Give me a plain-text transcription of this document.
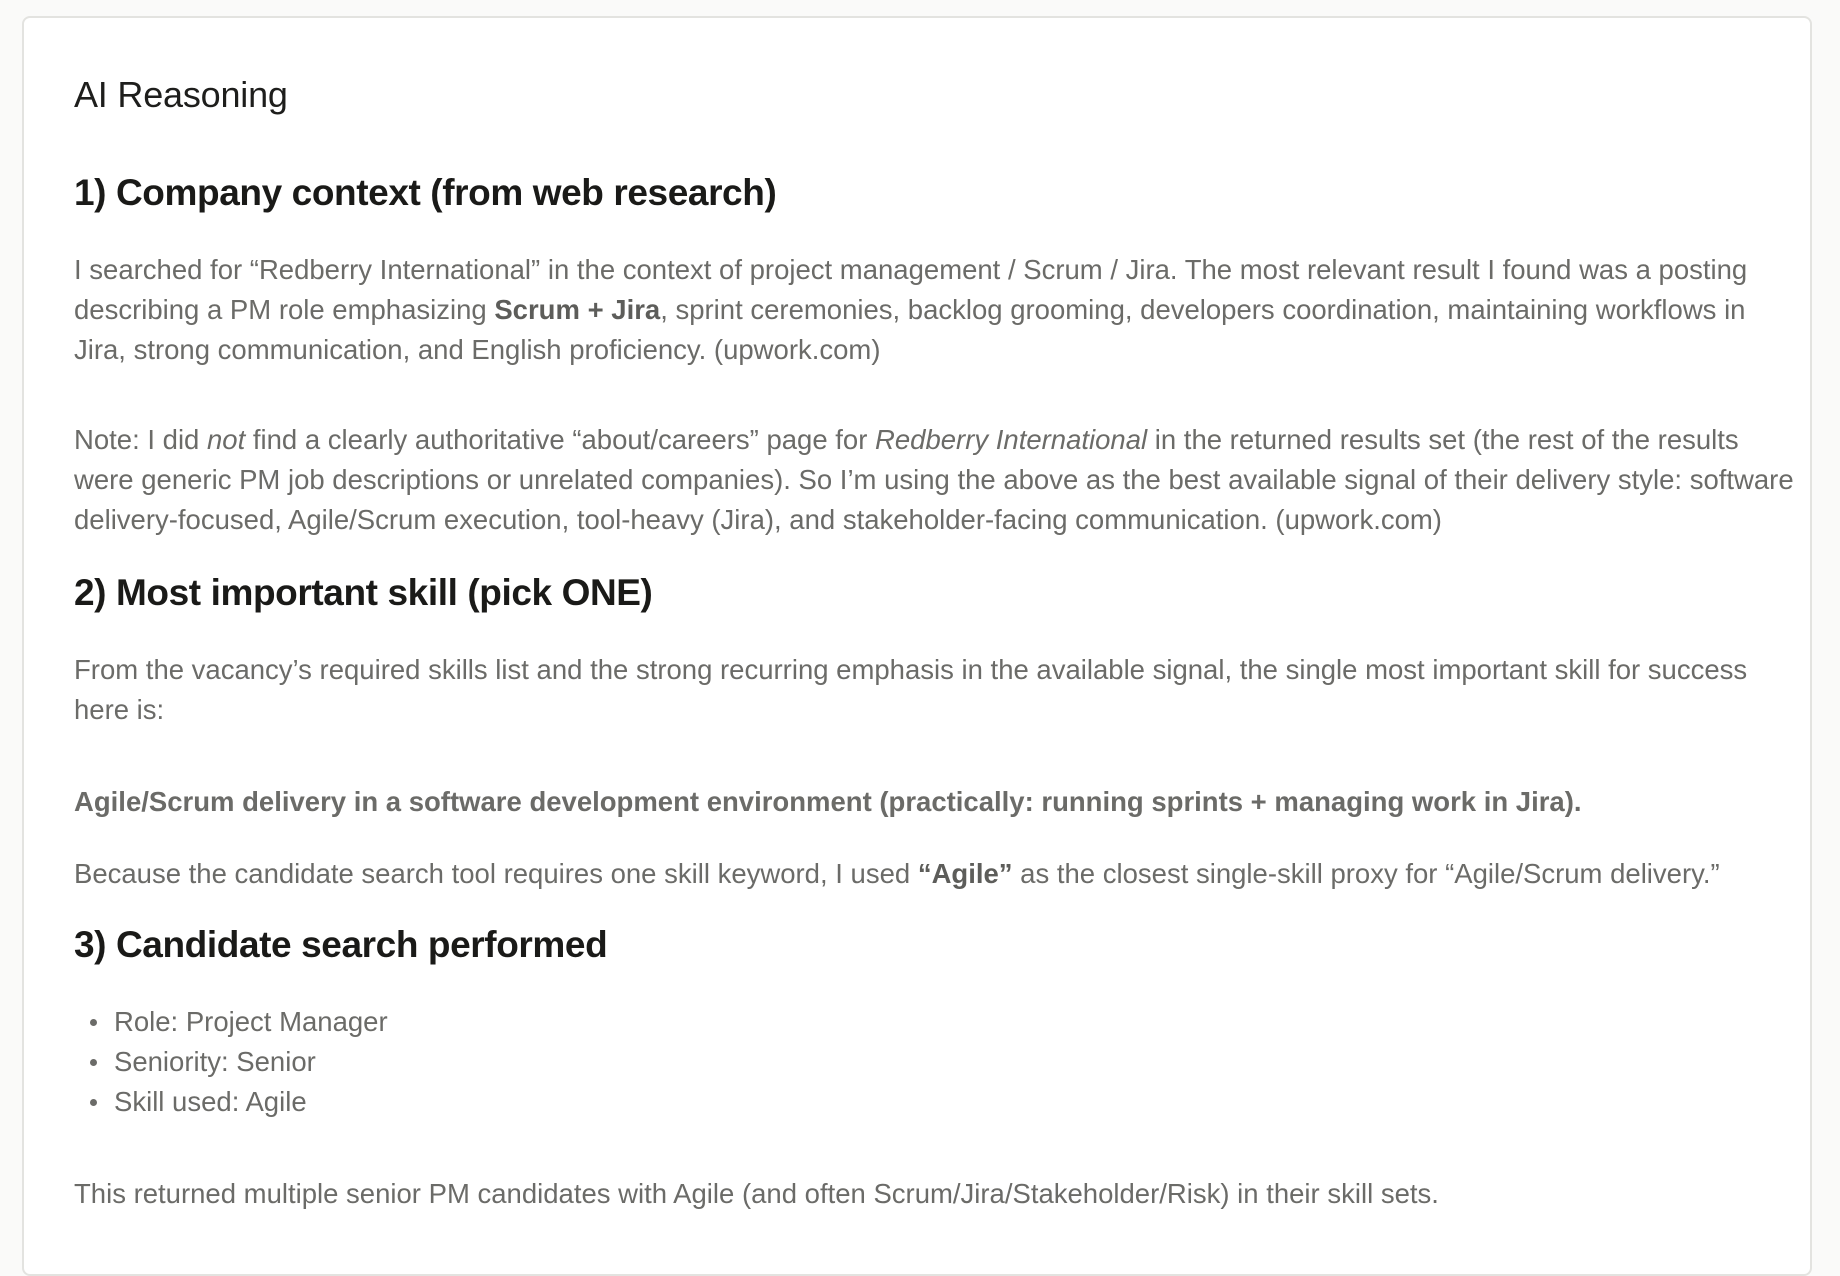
AI Reasoning
1) Company context (from web research)

I searched for “Redberry International” in the context of project management / Scrum / Jira. The most relevant result I found was a posting describing a PM role emphasizing Scrum + Jira, sprint ceremonies, backlog grooming, developers coordination, maintaining workflows in Jira, strong communication, and English proficiency. (upwork.com)

Note: I did not find a clearly authoritative “about/careers” page for Redberry International in the returned results set (the rest of the results were generic PM job descriptions or unrelated companies). So I’m using the above as the best available signal of their delivery style: software delivery-focused, Agile/Scrum execution, tool-heavy (Jira), and stakeholder-facing communication. (upwork.com)

2) Most important skill (pick ONE)

From the vacancy’s required skills list and the strong recurring emphasis in the available signal, the single most important skill for success here is:

Agile/Scrum delivery in a software development environment (practically: running sprints + managing work in Jira).

Because the candidate search tool requires one skill keyword, I used “Agile” as the closest single-skill proxy for “Agile/Scrum delivery.”

3) Candidate search performed
Role: Project Manager
Seniority: Senior
Skill used: Agile

This returned multiple senior PM candidates with Agile (and often Scrum/Jira/Stakeholder/Risk) in their skill sets.
